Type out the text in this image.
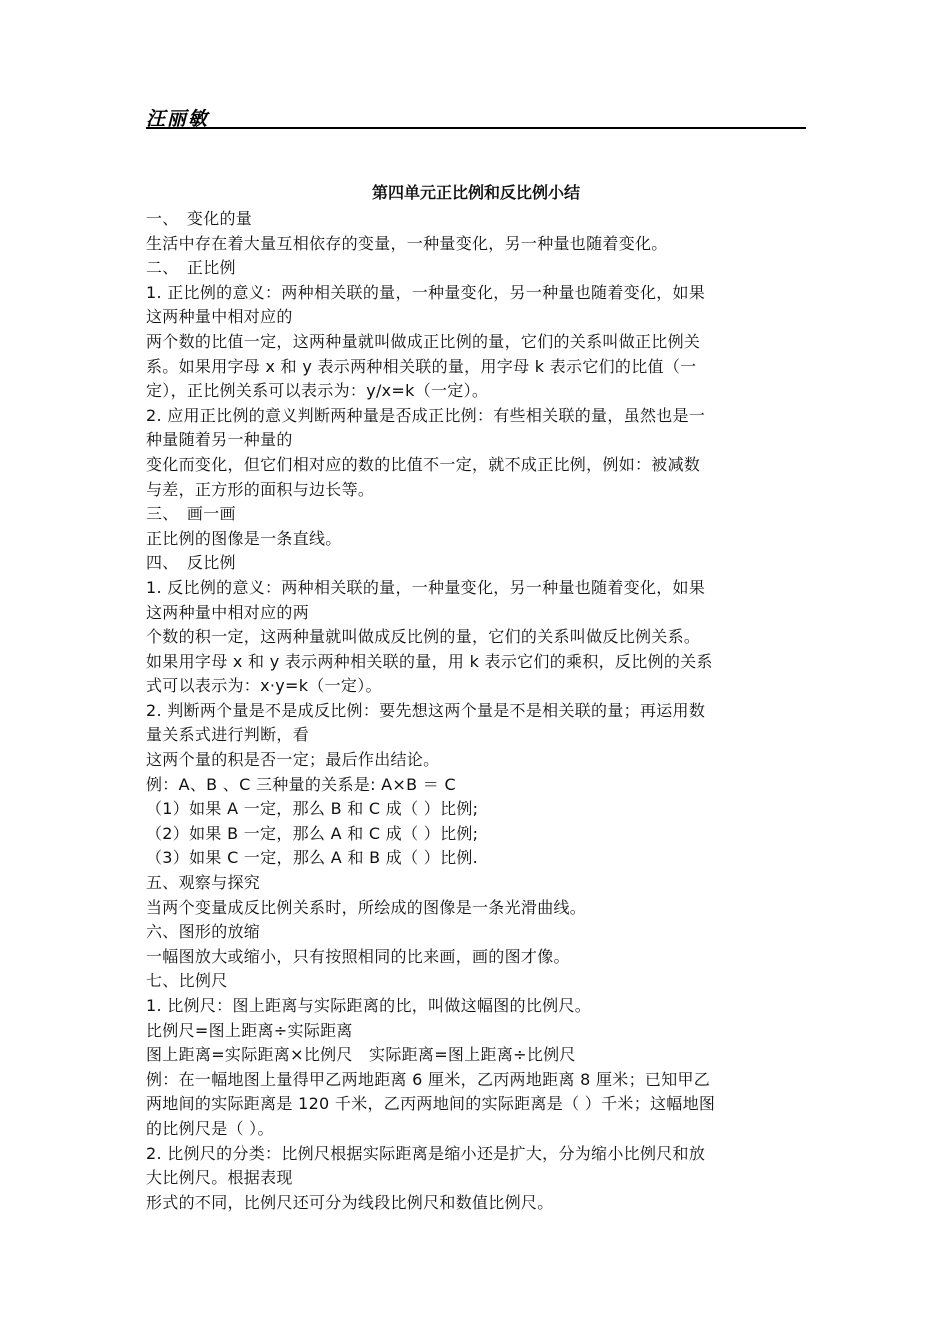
汪丽敏
第四单元正比例和反比例小结
一、　变化的量
生活中存在着大量互相依存的变量，一种量变化，另一种量也随着变化。
二、　正比例
1. 正比例的意义：两种相关联的量，一种量变化，另一种量也随着变化，如果
这两种量中相对应的
两个数的比值一定，这两种量就叫做成正比例的量，它们的关系叫做正比例关
系。如果用字母 x 和 y 表示两种相关联的量，用字母 k 表示它们的比值（一
定），正比例关系可以表示为：y/x=k（一定）。
2. 应用正比例的意义判断两种量是否成正比例：有些相关联的量，虽然也是一
种量随着另一种量的
变化而变化，但它们相对应的数的比值不一定，就不成正比例，例如：被减数
与差，正方形的面积与边长等。
三、　画一画
正比例的图像是一条直线。
四、　反比例
1. 反比例的意义：两种相关联的量，一种量变化，另一种量也随着变化，如果
这两种量中相对应的两
个数的积一定，这两种量就叫做成反比例的量，它们的关系叫做反比例关系。
如果用字母 x 和 y 表示两种相关联的量，用 k 表示它们的乘积，反比例的关系
式可以表示为：x·y=k（一定）。
2. 判断两个量是不是成反比例：要先想这两个量是不是相关联的量；再运用数
量关系式进行判断，看
这两个量的积是否一定；最后作出结论。
例：A、B 、C 三种量的关系是: A×B ＝ C
（1）如果 A 一定，那么 B 和 C 成（ ）比例;
（2）如果 B 一定，那么 A 和 C 成（ ）比例;
（3）如果 C 一定，那么 A 和 B 成（ ）比例.
五、观察与探究
当两个变量成反比例关系时，所绘成的图像是一条光滑曲线。
六、图形的放缩
一幅图放大或缩小，只有按照相同的比来画，画的图才像。
七、比例尺
1. 比例尺：图上距离与实际距离的比，叫做这幅图的比例尺。
比例尺=图上距离÷实际距离
图上距离=实际距离×比例尺　实际距离=图上距离÷比例尺
例：在一幅地图上量得甲乙两地距离 6 厘米，乙丙两地距离 8 厘米；已知甲乙
两地间的实际距离是 120 千米，乙丙两地间的实际距离是（ ）千米；这幅地图
的比例尺是（ ）。
2. 比例尺的分类：比例尺根据实际距离是缩小还是扩大，分为缩小比例尺和放
大比例尺。根据表现
形式的不同，比例尺还可分为线段比例尺和数值比例尺。
